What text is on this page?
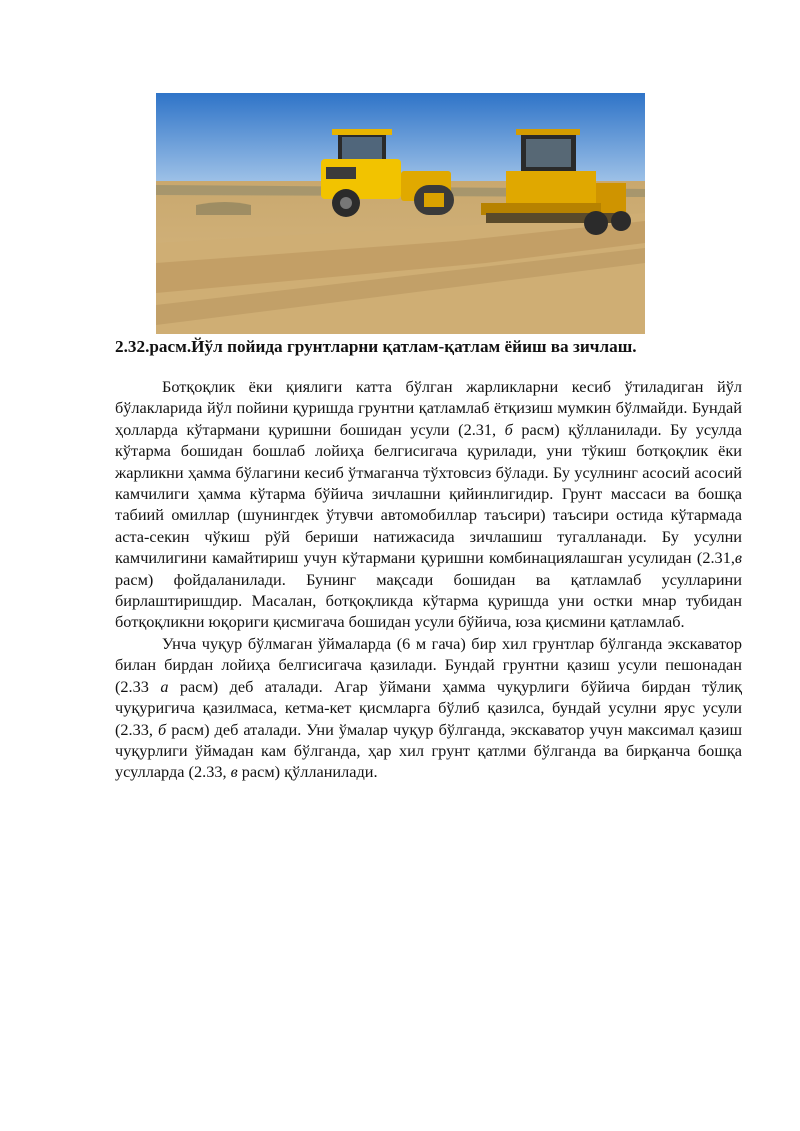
2.32.расм.Йўл пойида грунтларни қатлам-қатлам ёйиш ва зичлаш.

Ботқоқлик ёки қиялиги катта бўлган жарликларни кесиб ўтиладиган йўл бўлакларида йўл пойини қуришда грунтни қатламлаб ётқизиш мумкин бўлмайди. Бундай ҳолларда кўтармани қуришни бошидан усули (2.31, б расм) қўлланилади. Бу усулда кўтарма бошидан бошлаб лойиҳа белгисигача қурилади, уни тўкиш ботқоқлик ёки жарликни ҳамма бўлагини кесиб ўтмаганча тўхтовсиз бўлади. Бу усулнинг асосий асосий камчилиги ҳамма кўтарма бўйича зичлашни қийинлигидир. Грунт массаси ва бошқа табиий омиллар (шунингдек ўтувчи автомобиллар таъсири) таъсири остида кўтармада аста-секин чўкиш рўй бериши натижасида зичлашиш тугалланади. Бу усулни камчилигини камайтириш учун кўтармани қуришни комбинациялашган усулидан (2.31,в расм) фойдаланилади. Бунинг мақсади бошидан ва қатламлаб усулларини бирлаштиришдир. Масалан, ботқоқликда кўтарма қуришда уни остки мнар тубидан ботқоқликни юқориги қисмигача бошидан усули бўйича, юза қисмини қатламлаб.

Унча чуқур бўлмаган ўймаларда (6 м гача) бир хил грунтлар бўлганда экскаватор билан бирдан лойиҳа белгисигача қазилади. Бундай грунтни қазиш усули пешонадан (2.33 а расм) деб аталади. Агар ўймани ҳамма чуқурлиги бўйича бирдан тўлиқ чуқуригича қазилмаса, кетма-кет қисмларга бўлиб қазилса, бундай усулни ярус усули (2.33, б расм) деб аталади. Уни ўмалар чуқур бўлганда, экскаватор учун максимал қазиш чуқурлиги ўймадан кам бўлганда, ҳар хил грунт қатлми бўлганда ва бирқанча бошқа усулларда (2.33, в расм) қўлланилади.
